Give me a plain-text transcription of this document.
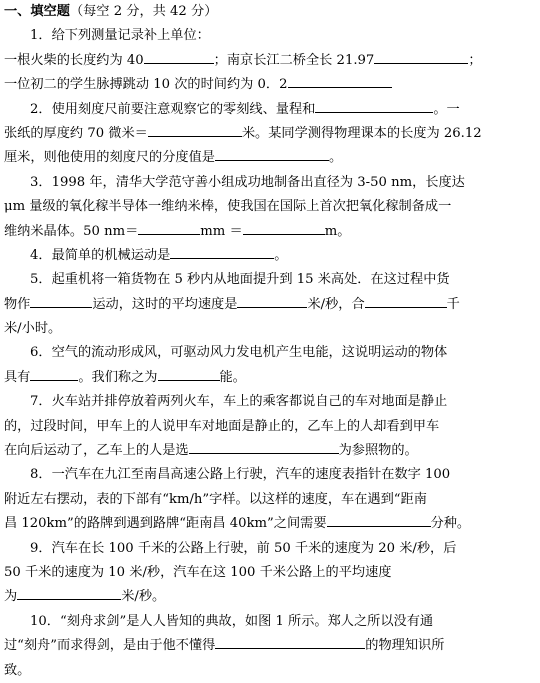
一、填空题（每空 2 分，共 42 分）
1．给下列测量记录补上单位：
一根火柴的长度约为 40	；南京长江二桥全长 21.97	；
一位初二的学生脉搏跳动 10 次的时间约为 0．2
2．使用刻度尺前要注意观察它的零刻线、量程和	。一
张纸的厚度约 70 微米＝	米。某同学测得物理课本的长度为 26.12
厘米，则他使用的刻度尺的分度值是	。
3．1998 年，清华大学范守善小组成功地制备出直径为 3-50 nm，长度达
μm 量级的氧化稼半导体一维纳米棒，使我国在国际上首次把氧化稼制备成一
维纳米晶体。50 nm＝	mm ＝	m。
4．最简单的机械运动是	。
5．起重机将一箱货物在 5 秒内从地面提升到 15 米高处．在这过程中货
物作	运动，这时的平均速度是	米/秒，合	千
米/小时。
6．空气的流动形成风，可驱动风力发电机产生电能，这说明运动的物体
具有	。我们称之为	能。
7．火车站并排停放着两列火车，车上的乘客都说自己的车对地面是静止
的，过段时间，甲车上的人说甲车对地面是静止的，乙车上的人却看到甲车
在向后运动了，乙车上的人是选	为参照物的。
8．一汽车在九江至南昌高速公路上行驶，汽车的速度表指针在数字 100
附近左右摆动，表的下部有“km/h”字样。以这样的速度，车在遇到“距南
昌 120km”的路牌到遇到路牌“距南昌 40km”之间需要	分种。
9．汽车在长 100 千米的公路上行驶，前 50 千米的速度为 20 米/秒，后
50 千米的速度为 10 米/秒，汽车在这 100 千米公路上的平均速度
为	米/秒。
10．“刻舟求剑”是人人皆知的典故，如图 1 所示。郑人之所以没有通
过“刻舟”而求得剑，是由于他不懂得	的物理知识所
致。
